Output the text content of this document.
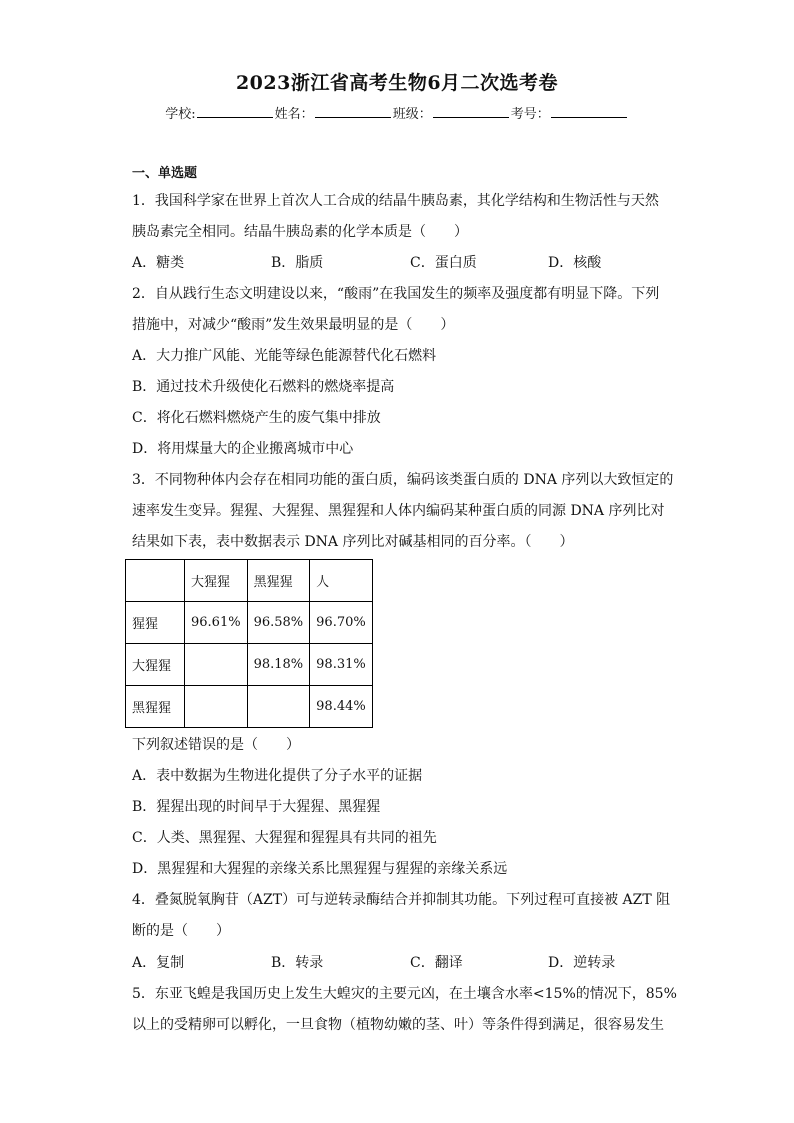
2023浙江省高考生物6月二次选考卷
学校:	姓名：	班级：	考号：
一、单选题
1．我国科学家在世界上首次人工合成的结晶牛胰岛素，其化学结构和生物活性与天然
胰岛素完全相同。结晶牛胰岛素的化学本质是（　　）
A．糖类	B．脂质	C．蛋白质	D．核酸
2．自从践行生态文明建设以来，“酸雨”在我国发生的频率及强度都有明显下降。下列
措施中，对减少“酸雨”发生效果最明显的是（　　）
A．大力推广风能、光能等绿色能源替代化石燃料
B．通过技术升级使化石燃料的燃烧率提高
C．将化石燃料燃烧产生的废气集中排放
D．将用煤量大的企业搬离城市中心
3．不同物种体内会存在相同功能的蛋白质，编码该类蛋白质的 DNA 序列以大致恒定的
速率发生变异。猩猩、大猩猩、黑猩猩和人体内编码某种蛋白质的同源 DNA 序列比对
结果如下表，表中数据表示 DNA 序列比对碱基相同的百分率。（　　）
	大猩猩	黑猩猩	人
猩猩	96.61%	96.58%	96.70%
大猩猩		98.18%	98.31%
黑猩猩			98.44%
下列叙述错误的是（　　）
A．表中数据为生物进化提供了分子水平的证据
B．猩猩出现的时间早于大猩猩、黑猩猩
C．人类、黑猩猩、大猩猩和猩猩具有共同的祖先
D．黑猩猩和大猩猩的亲缘关系比黑猩猩与猩猩的亲缘关系远
4．叠氮脱氧胸苷（AZT）可与逆转录酶结合并抑制其功能。下列过程可直接被 AZT 阻
断的是（　　）
A．复制	B．转录	C．翻译	D．逆转录
5．东亚飞蝗是我国历史上发生大蝗灾的主要元凶，在土壤含水率<15%的情况下，85%
以上的受精卵可以孵化，一旦食物（植物幼嫩的茎、叶）等条件得到满足，很容易发生
